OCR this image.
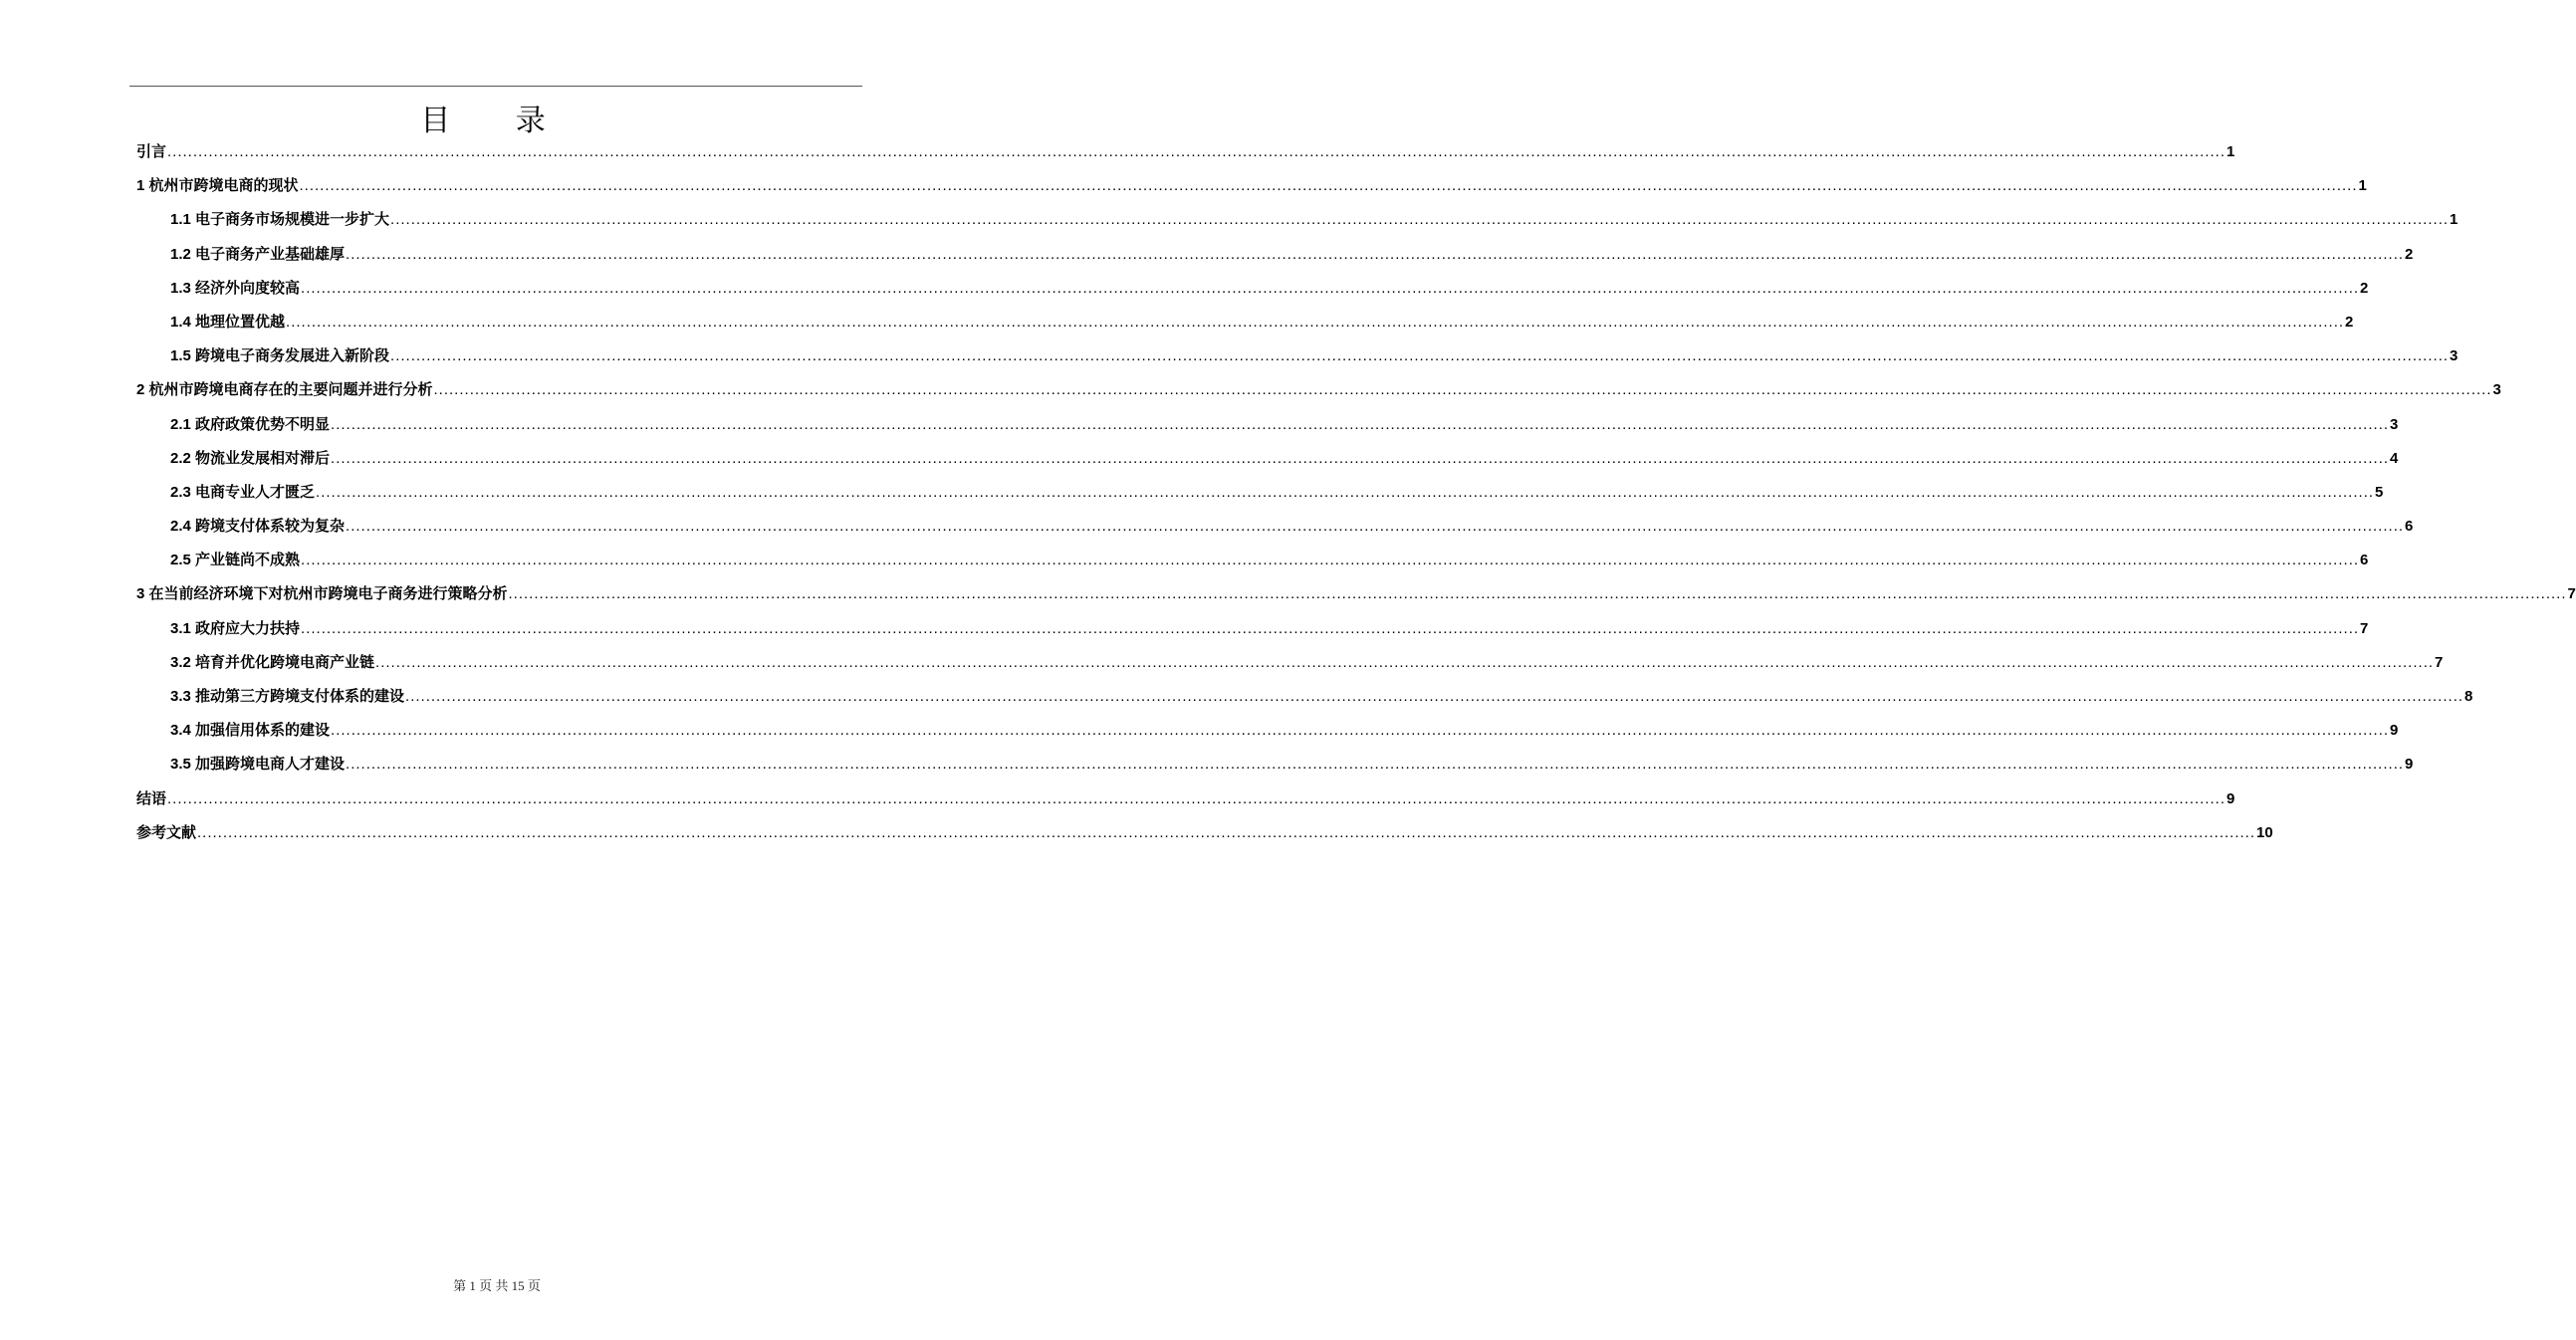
目 录
引言 ................................................................................................................................................................................................................................................................................................................................................................................................................ 1
1 杭州市跨境电商的现状 ................................................................................................................................................................................................................................................................................................................................................................................................................ 1
1.1 电子商务市场规模进一步扩大 ................................................................................................................................................................................................................................................................................................................................................................................................................ 1
1.2 电子商务产业基础雄厚 ................................................................................................................................................................................................................................................................................................................................................................................................................ 2
1.3 经济外向度较高 ................................................................................................................................................................................................................................................................................................................................................................................................................ 2
1.4 地理位置优越 ................................................................................................................................................................................................................................................................................................................................................................................................................ 2
1.5 跨境电子商务发展进入新阶段 ................................................................................................................................................................................................................................................................................................................................................................................................................ 3
2 杭州市跨境电商存在的主要问题并进行分析 ................................................................................................................................................................................................................................................................................................................................................................................................................ 3
2.1 政府政策优势不明显 ................................................................................................................................................................................................................................................................................................................................................................................................................ 3
2.2 物流业发展相对滞后 ................................................................................................................................................................................................................................................................................................................................................................................................................ 4
2.3 电商专业人才匮乏 ................................................................................................................................................................................................................................................................................................................................................................................................................ 5
2.4 跨境支付体系较为复杂 ................................................................................................................................................................................................................................................................................................................................................................................................................ 6
2.5 产业链尚不成熟 ................................................................................................................................................................................................................................................................................................................................................................................................................ 6
3 在当前经济环境下对杭州市跨境电子商务进行策略分析 ................................................................................................................................................................................................................................................................................................................................................................................................................ 7
3.1 政府应大力扶持 ................................................................................................................................................................................................................................................................................................................................................................................................................ 7
3.2 培育并优化跨境电商产业链 ................................................................................................................................................................................................................................................................................................................................................................................................................ 7
3.3 推动第三方跨境支付体系的建设 ................................................................................................................................................................................................................................................................................................................................................................................................................ 8
3.4 加强信用体系的建设 ................................................................................................................................................................................................................................................................................................................................................................................................................ 9
3.5 加强跨境电商人才建设 ................................................................................................................................................................................................................................................................................................................................................................................................................ 9
结语 ................................................................................................................................................................................................................................................................................................................................................................................................................ 9
参考文献 ................................................................................................................................................................................................................................................................................................................................................................................................................ 10
第 1 页 共 15 页
